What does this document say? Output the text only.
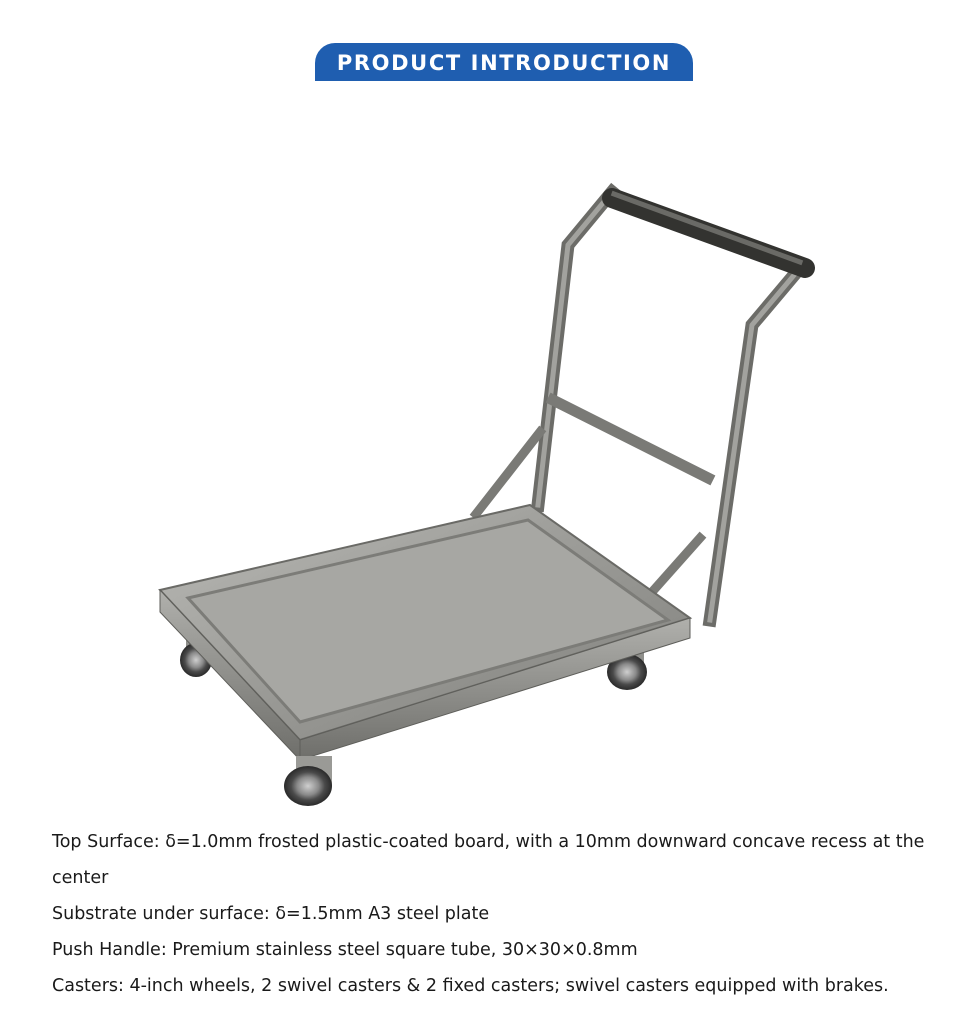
PRODUCT INTRODUCTION
Top Surface: δ=1.0mm frosted plastic-coated board, with a 10mm downward concave recess at the center
Substrate under surface: δ=1.5mm A3 steel plate
Push Handle: Premium stainless steel square tube, 30×30×0.8mm
Casters: 4-inch wheels, 2 swivel casters & 2 fixed casters; swivel casters equipped with brakes.
